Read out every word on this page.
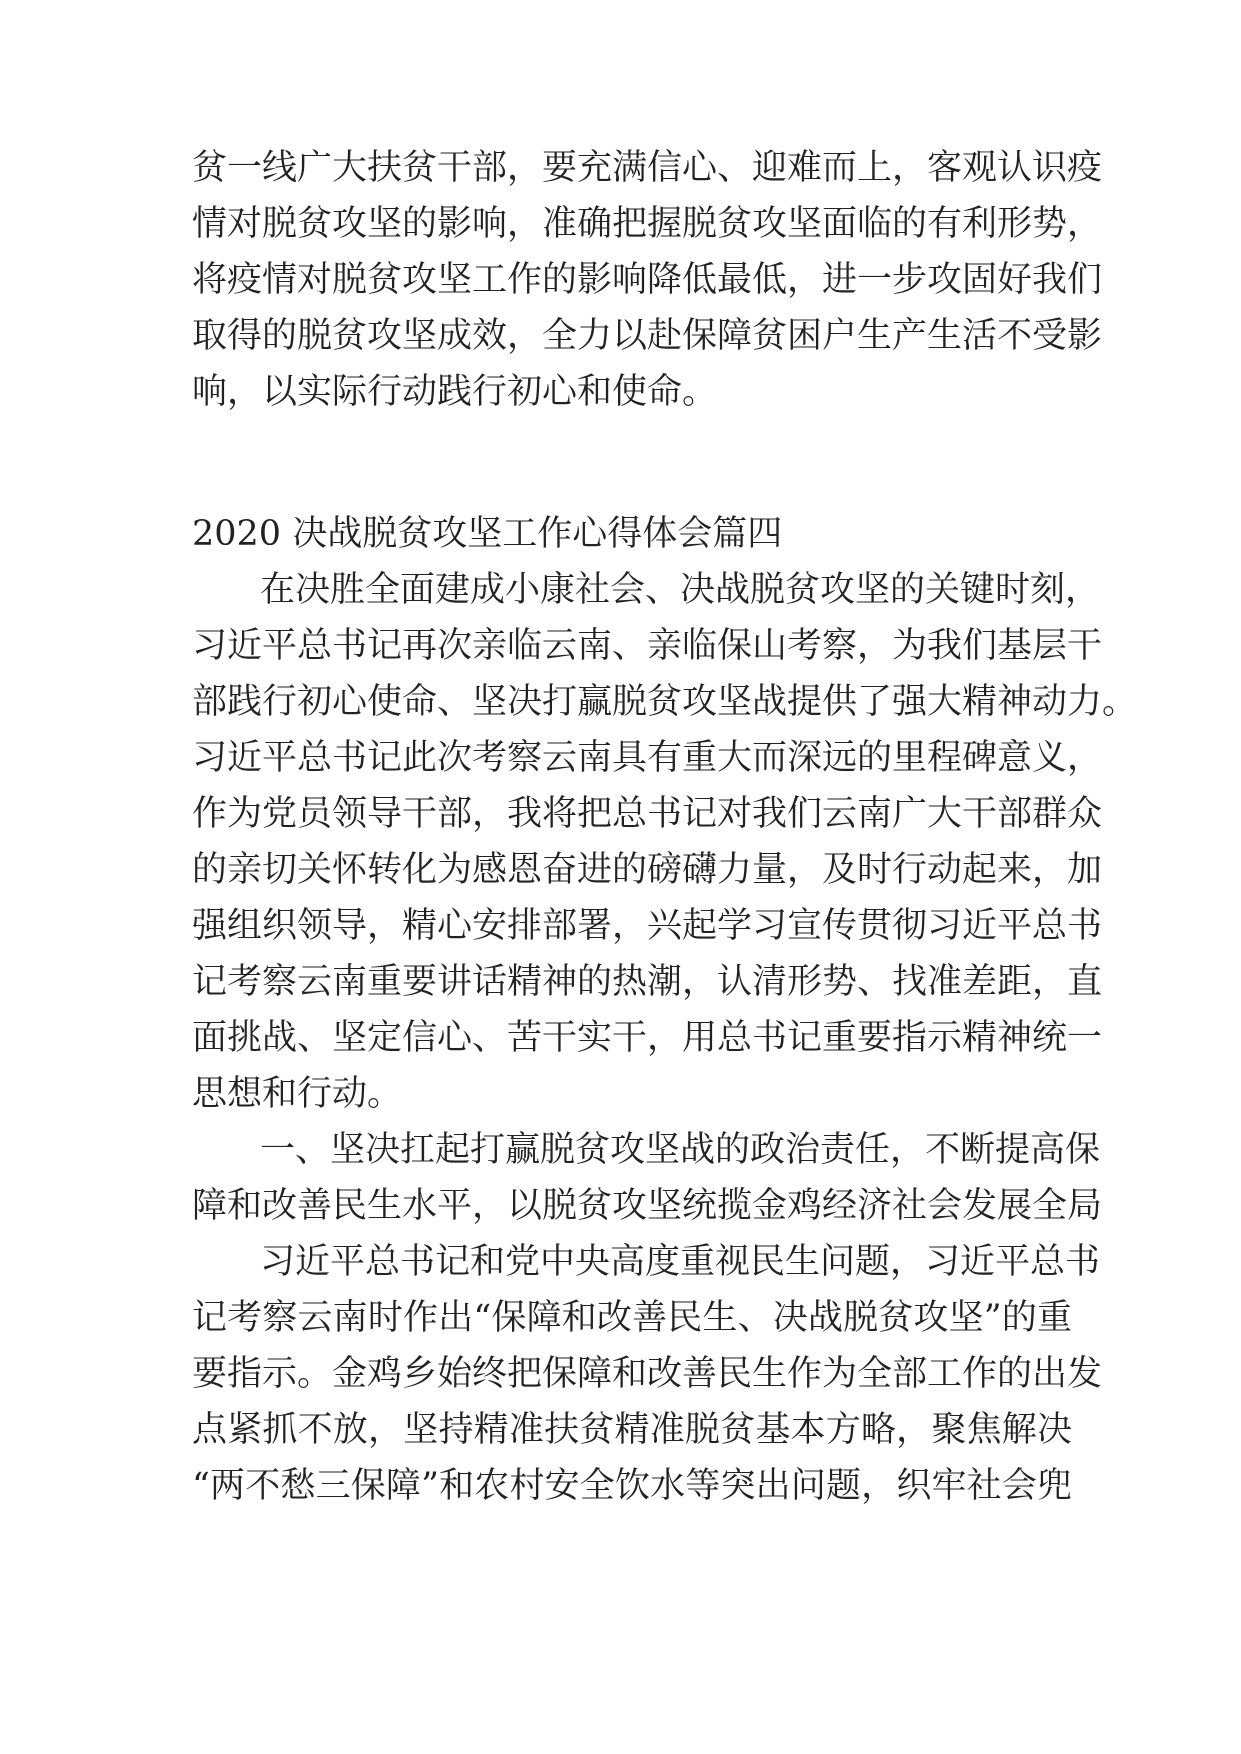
贫一线广大扶贫干部，要充满信心、迎难而上，客观认识疫
情对脱贫攻坚的影响，准确把握脱贫攻坚面临的有利形势，
将疫情对脱贫攻坚工作的影响降低最低，进一步攻固好我们
取得的脱贫攻坚成效，全力以赴保障贫困户生产生活不受影
响，以实际行动践行初心和使命。
2020 决战脱贫攻坚工作心得体会篇四
在决胜全面建成小康社会、决战脱贫攻坚的关键时刻，
习近平总书记再次亲临云南、亲临保山考察，为我们基层干
部践行初心使命、坚决打赢脱贫攻坚战提供了强大精神动力。
习近平总书记此次考察云南具有重大而深远的里程碑意义，
作为党员领导干部，我将把总书记对我们云南广大干部群众
的亲切关怀转化为感恩奋进的磅礴力量，及时行动起来，加
强组织领导，精心安排部署，兴起学习宣传贯彻习近平总书
记考察云南重要讲话精神的热潮，认清形势、找准差距，直
面挑战、坚定信心、苦干实干，用总书记重要指示精神统一
思想和行动。
一、坚决扛起打赢脱贫攻坚战的政治责任，不断提高保
障和改善民生水平，以脱贫攻坚统揽金鸡经济社会发展全局
习近平总书记和党中央高度重视民生问题，习近平总书
记考察云南时作出“保障和改善民生、决战脱贫攻坚”的重
要指示。金鸡乡始终把保障和改善民生作为全部工作的出发
点紧抓不放，坚持精准扶贫精准脱贫基本方略，聚焦解决
“两不愁三保障”和农村安全饮水等突出问题，织牢社会兜
